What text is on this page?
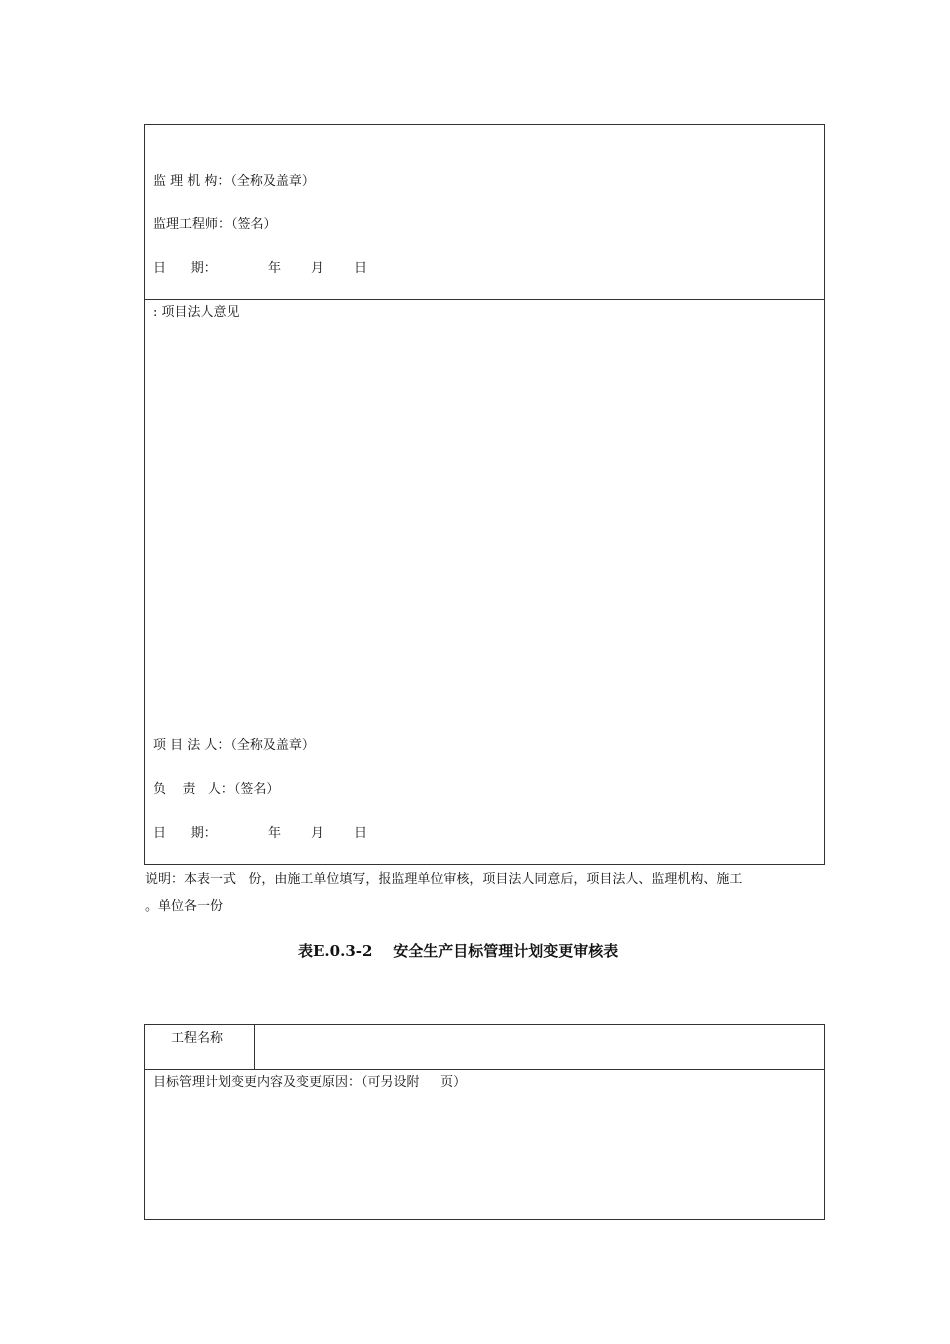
监 理 机 构：（全称及盖章）
监理工程师：（签名）
日      期：	年 月 日
: 项目法人意见
项 目 法 人：（全称及盖章）
负    责   人：（签名）
日      期：	年 月 日
说明：本表一式   份，由施工单位填写，报监理单位审核，项目法人同意后，项目法人、监理机构、施工
。单位各一份
表E.0.3-2    安全生产目标管理计划变更审核表
工程名称
目标管理计划变更内容及变更原因：（可另设附     页）
